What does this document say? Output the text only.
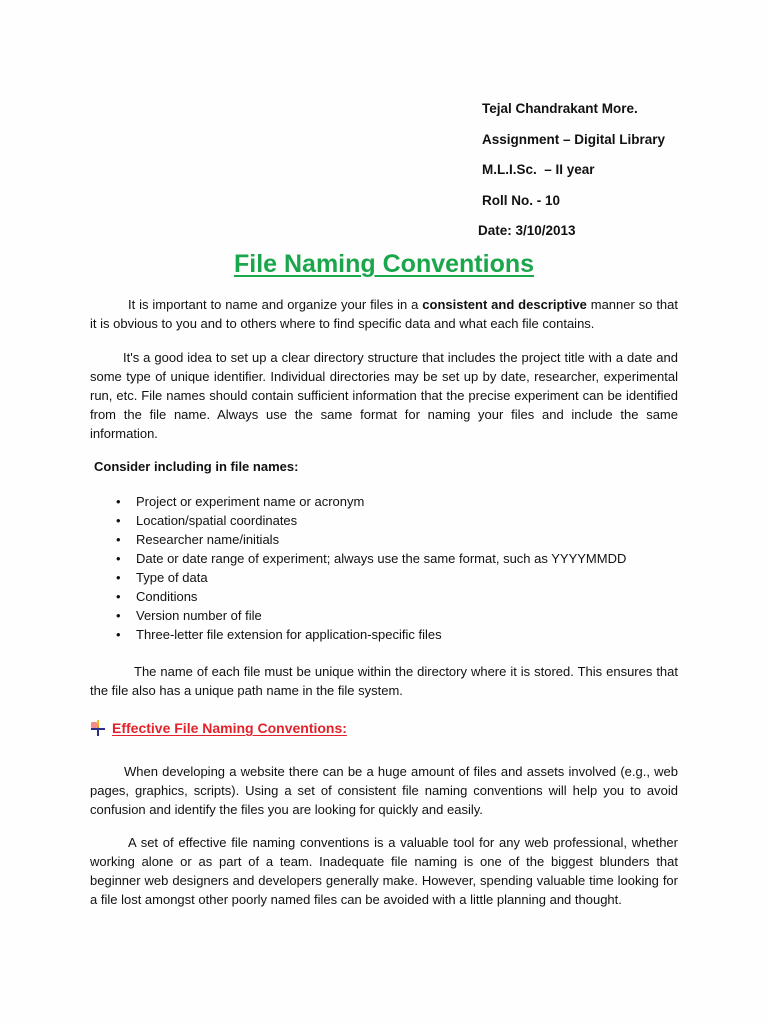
Tejal Chandrakant More.
Assignment – Digital Library
M.L.I.Sc.  – II year
Roll No. - 10
Date: 3/10/2013
File Naming Conventions
It is important to name and organize your files in a consistent and descriptive manner so that it is obvious to you and to others where to find specific data and what each file contains.
It's a good idea to set up a clear directory structure that includes the project title with a date and some type of unique identifier. Individual directories may be set up by date, researcher, experimental run, etc. File names should contain sufficient information that the precise experiment can be identified from the file name. Always use the same format for naming your files and include the same information.
Consider including in file names:
• Project or experiment name or acronym
• Location/spatial coordinates
• Researcher name/initials
• Date or date range of experiment; always use the same format, such as YYYYMMDD
• Type of data
• Conditions
• Version number of file
• Three-letter file extension for application-specific files
The name of each file must be unique within the directory where it is stored. This ensures that the file also has a unique path name in the file system.
Effective File Naming Conventions:
When developing a website there can be a huge amount of files and assets involved (e.g., web pages, graphics, scripts). Using a set of consistent file naming conventions will help you to avoid confusion and identify the files you are looking for quickly and easily.
A set of effective file naming conventions is a valuable tool for any web professional, whether working alone or as part of a team. Inadequate file naming is one of the biggest blunders that beginner web designers and developers generally make. However, spending valuable time looking for a file lost amongst other poorly named files can be avoided with a little planning and thought.
